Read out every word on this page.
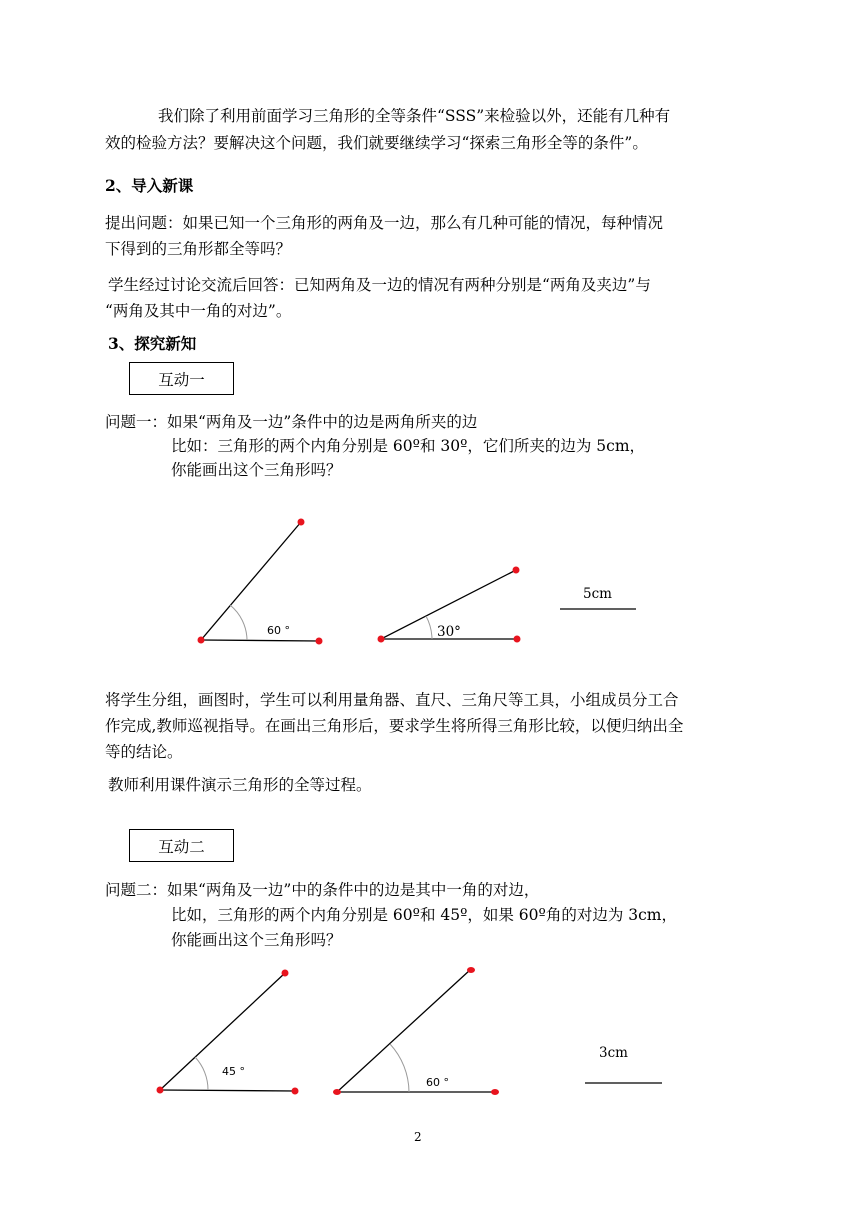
我们除了利用前面学习三角形的全等条件“SSS”来检验以外，还能有几种有
效的检验方法？要解决这个问题，我们就要继续学习“探索三角形全等的条件”。
2、导入新课
提出问题：如果已知一个三角形的两角及一边，那么有几种可能的情况，每种情况
下得到的三角形都全等吗？
学生经过讨论交流后回答：已知两角及一边的情况有两种分别是“两角及夹边”与
“两角及其中一角的对边”。
3、探究新知
互动一
问题一：如果“两角及一边”条件中的边是两角所夹的边
比如：三角形的两个内角分别是 60º和 30º，它们所夹的边为 5cm，
你能画出这个三角形吗？
60 °	30°
5cm
将学生分组，画图时，学生可以利用量角器、直尺、三角尺等工具，小组成员分工合
作完成,教师巡视指导。在画出三角形后，要求学生将所得三角形比较，以便归纳出全
等的结论。
教师利用课件演示三角形的全等过程。
互动二
问题二：如果“两角及一边”中的条件中的边是其中一角的对边，
比如，三角形的两个内角分别是 60º和 45º，如果 60º角的对边为 3cm，
你能画出这个三角形吗？
45 °
60 °
3cm
2
